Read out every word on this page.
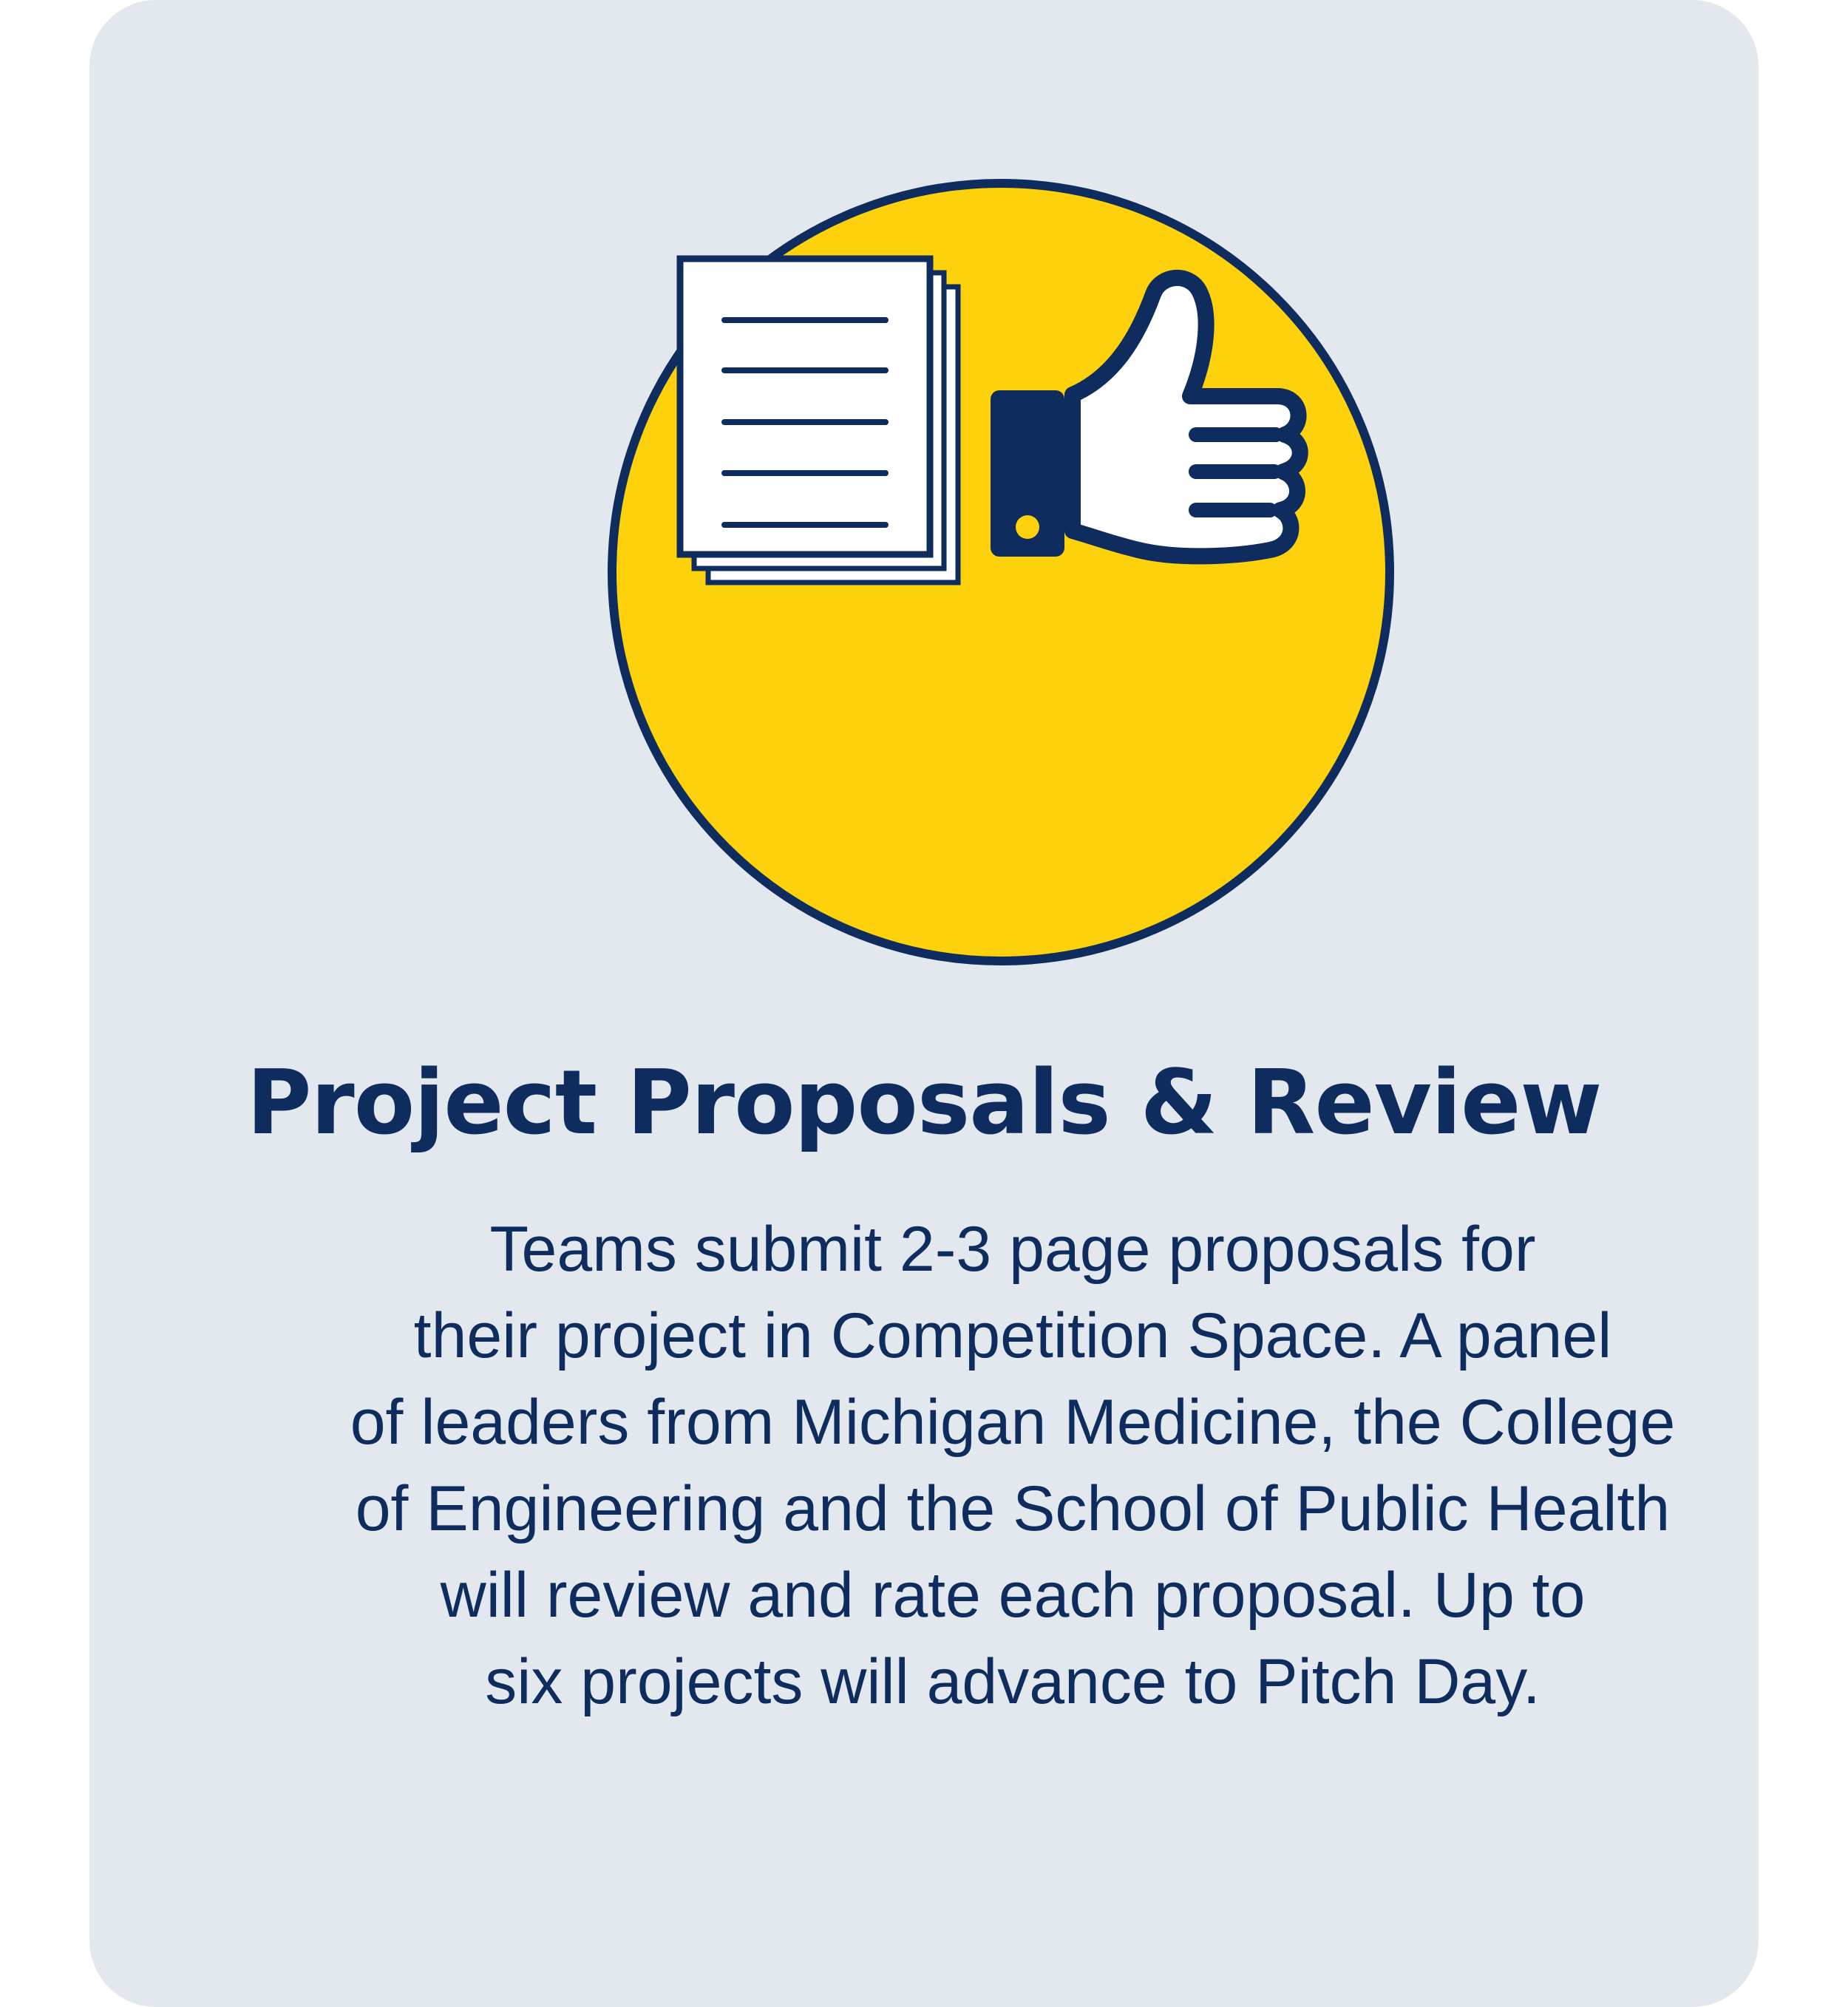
Project Proposals & Review

Teams submit 2-3 page proposals for
their project in Competition Space. A panel
of leaders from Michigan Medicine, the College
of Engineering and the School of Public Health
will review and rate each proposal. Up to
six projects will advance to Pitch Day.
